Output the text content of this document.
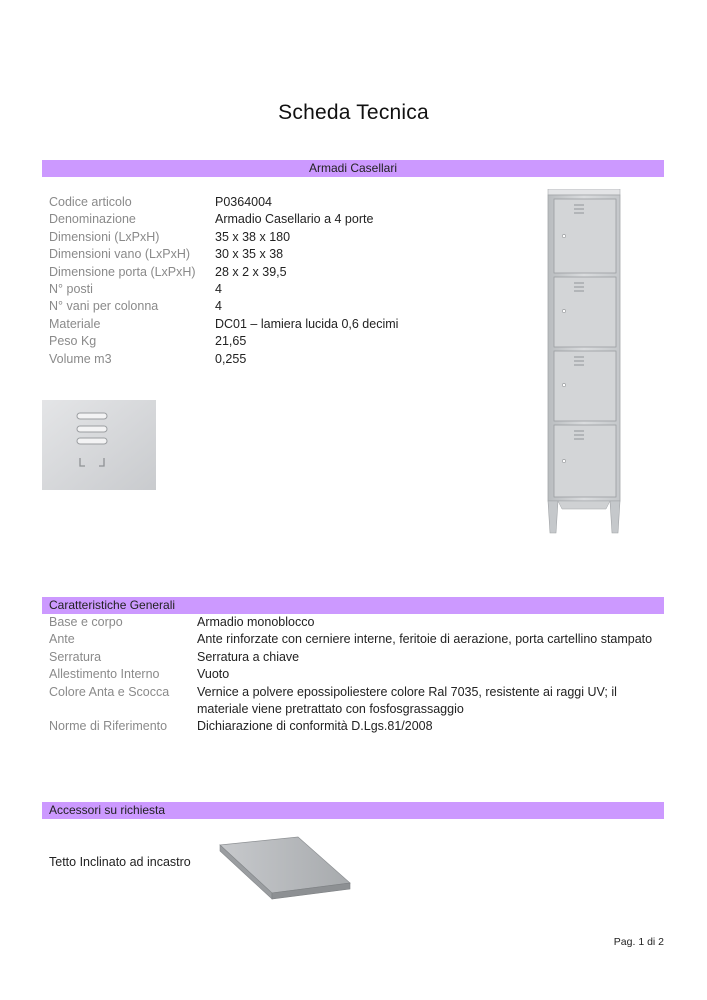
Scheda Tecnica
Armadi Casellari
Codice articolo	P0364004
Denominazione	Armadio Casellario a 4 porte
Dimensioni (LxPxH)	35 x 38 x 180
Dimensioni vano (LxPxH) 30 x 35 x 38
Dimensione porta (LxPxH) 28 x 2 x 39,5
N° posti	4
N° vani per colonna	4
Materiale	DC01 – lamiera lucida 0,6 decimi
Peso Kg	21,65
Volume m3	0,255
Caratteristiche Generali
Base e corpo	Armadio monoblocco
Ante	Ante rinforzate con cerniere interne, feritoie di aerazione, porta cartellino stampato
Serratura	Serratura a chiave
Allestimento Interno	Vuoto
Colore Anta e Scocca	Vernice a polvere epossipoliestere colore Ral 7035, resistente ai raggi UV; il materiale viene pretrattato con fosfosgrassaggio
Norme di Riferimento	Dichiarazione di conformità D.Lgs.81/2008
Accessori su richiesta
Tetto Inclinato ad incastro
Pag. 1 di 2
